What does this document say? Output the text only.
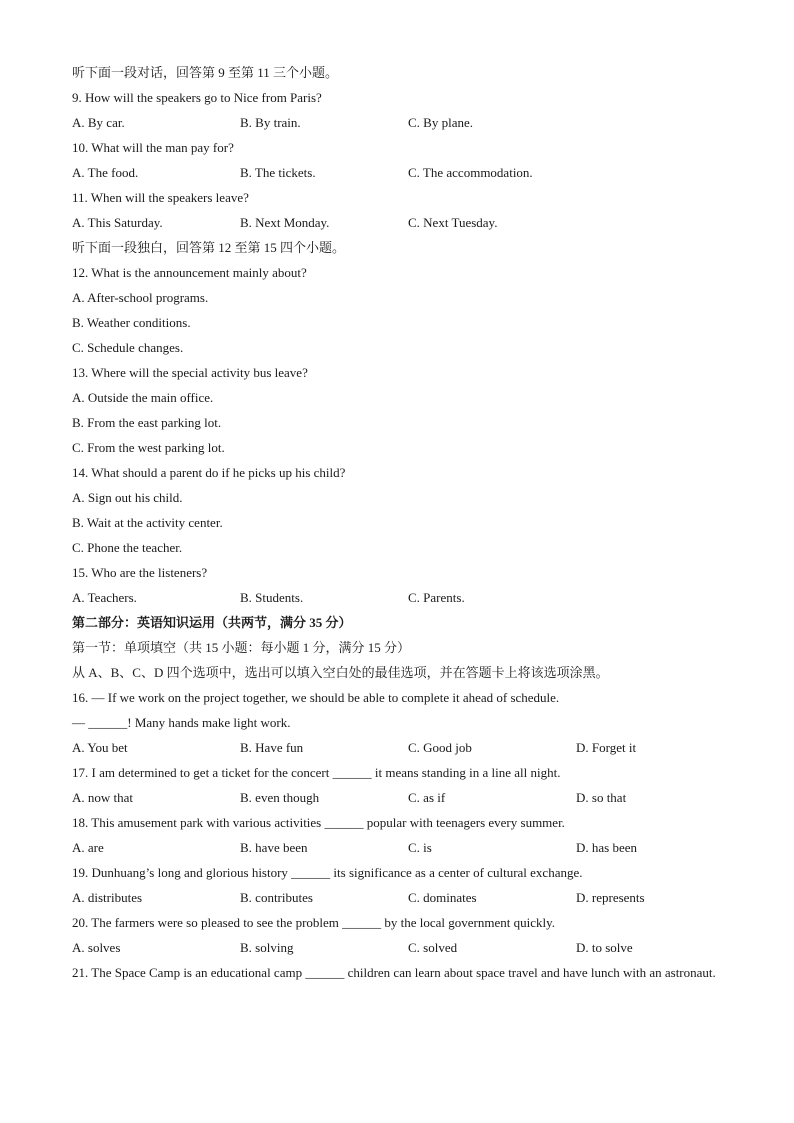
听下面一段对话，回答第 9 至第 11 三个小题。
9. How will the speakers go to Nice from Paris?
A. By car.	B. By train.	C. By plane.
10. What will the man pay for?
A. The food.	B. The tickets.	C. The accommodation.
11. When will the speakers leave?
A. This Saturday.	B. Next Monday.	C. Next Tuesday.
听下面一段独白，回答第 12 至第 15 四个小题。
12. What is the announcement mainly about?
A. After-school programs.
B. Weather conditions.
C. Schedule changes.
13. Where will the special activity bus leave?
A. Outside the main office.
B. From the east parking lot.
C. From the west parking lot.
14. What should a parent do if he picks up his child?
A. Sign out his child.
B. Wait at the activity center.
C. Phone the teacher.
15. Who are the listeners?
A. Teachers.	B. Students.	C. Parents.
第二部分：英语知识运用（共两节，满分 35 分）
第一节：单项填空（共 15 小题：每小题 1 分，满分 15 分）
从 A、B、C、D 四个选项中，选出可以填入空白处的最佳选项，并在答题卡上将该选项涂黑。
16. — If we work on the project together, we should be able to complete it ahead of schedule.
— ______! Many hands make light work.
A. You bet	B. Have fun	C. Good job	D. Forget it
17. I am determined to get a ticket for the concert ______ it means standing in a line all night.
A. now that	B. even though	C. as if	D. so that
18. This amusement park with various activities ______ popular with teenagers every summer.
A. are	B. have been	C. is	D. has been
19. Dunhuang’s long and glorious history ______ its significance as a center of cultural exchange.
A. distributes	B. contributes	C. dominates	D. represents
20. The farmers were so pleased to see the problem ______ by the local government quickly.
A. solves	B. solving	C. solved	D. to solve
21. The Space Camp is an educational camp ______ children can learn about space travel and have lunch with an astronaut.
